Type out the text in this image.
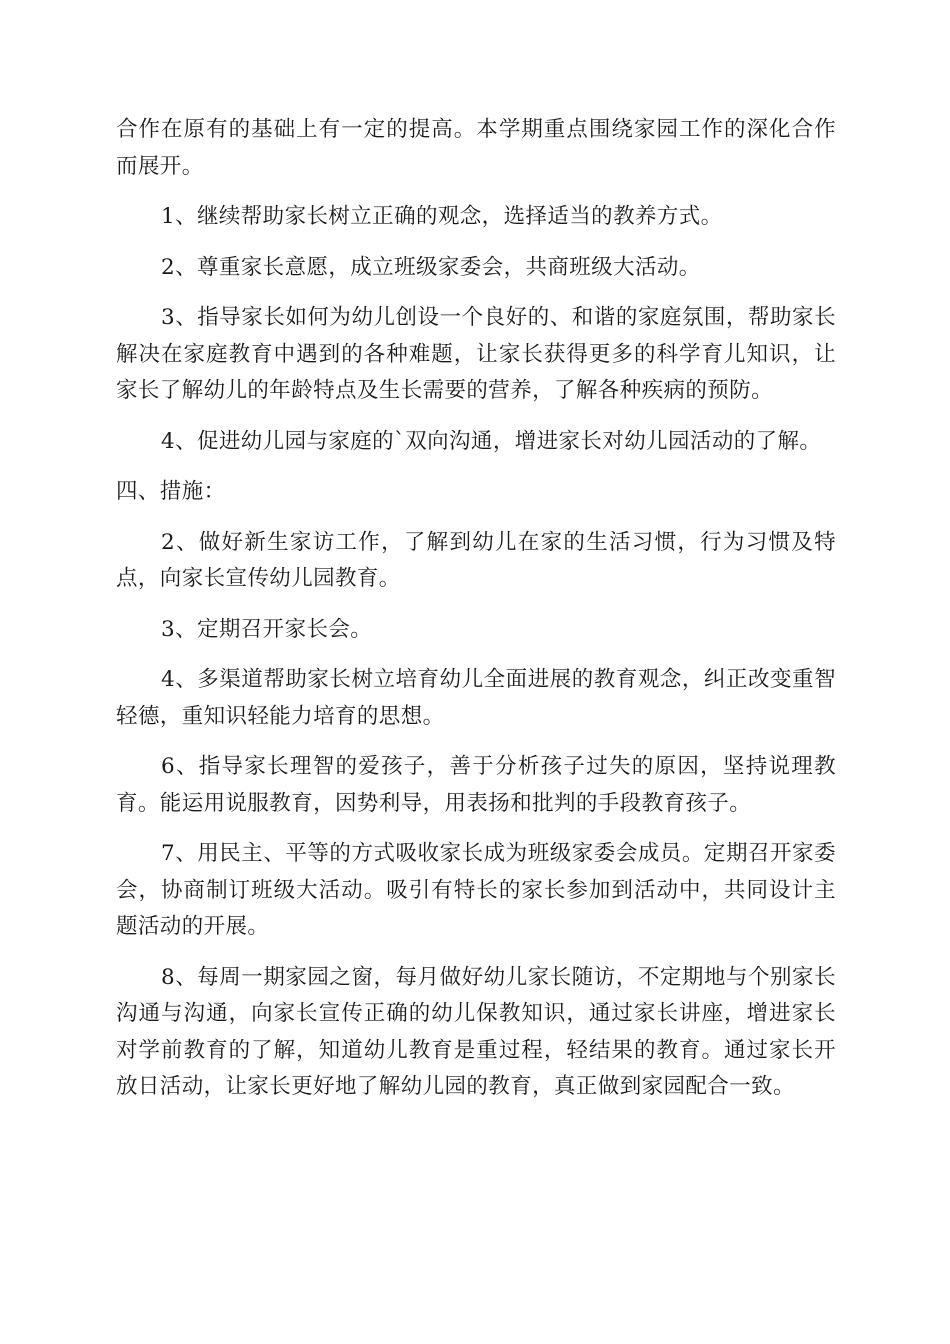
合作在原有的基础上有一定的提高。本学期重点围绕家园工作的深化合作而展开。

1、继续帮助家长树立正确的观念，选择适当的教养方式。

2、尊重家长意愿，成立班级家委会，共商班级大活动。

3、指导家长如何为幼儿创设一个良好的、和谐的家庭氛围，帮助家长解决在家庭教育中遇到的各种难题，让家长获得更多的科学育儿知识，让家长了解幼儿的年龄特点及生长需要的营养，了解各种疾病的预防。

4、促进幼儿园与家庭的`双向沟通，增进家长对幼儿园活动的了解。

四、措施：

2、做好新生家访工作，了解到幼儿在家的生活习惯，行为习惯及特点，向家长宣传幼儿园教育。

3、定期召开家长会。

4、多渠道帮助家长树立培育幼儿全面进展的教育观念，纠正改变重智轻德，重知识轻能力培育的思想。

6、指导家长理智的爱孩子，善于分析孩子过失的原因，坚持说理教育。能运用说服教育，因势利导，用表扬和批判的手段教育孩子。

7、用民主、平等的方式吸收家长成为班级家委会成员。定期召开家委会，协商制订班级大活动。吸引有特长的家长参加到活动中，共同设计主题活动的开展。

8、每周一期家园之窗，每月做好幼儿家长随访，不定期地与个别家长沟通与沟通，向家长宣传正确的幼儿保教知识，通过家长讲座，增进家长对学前教育的了解，知道幼儿教育是重过程，轻结果的教育。通过家长开放日活动，让家长更好地了解幼儿园的教育，真正做到家园配合一致。
